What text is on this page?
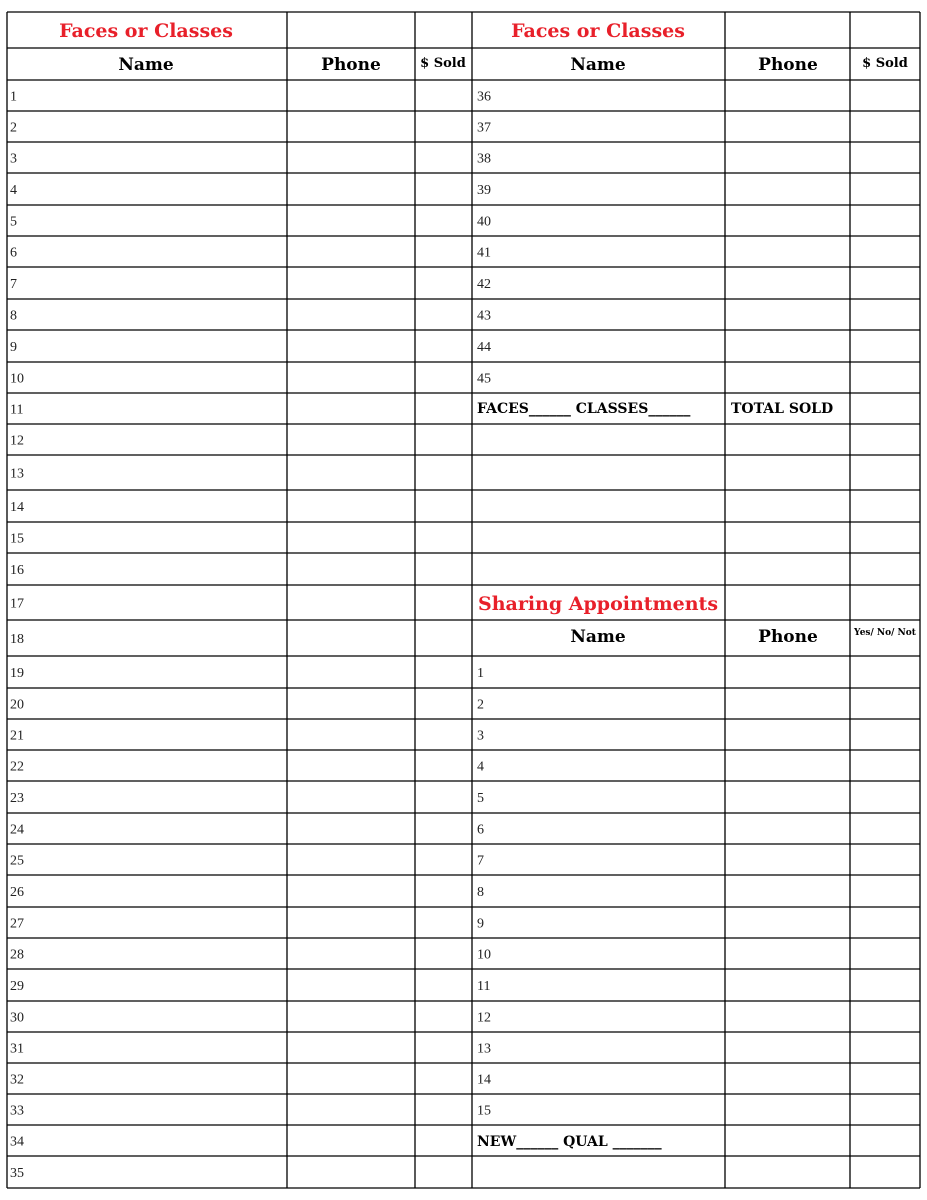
Faces or Classes
Name	Phone	$ Sold
1
2
3
4
5
6
7
8
9
10
11
12
13
14
15
16
17
18
19
20
21
22
23
24
25
26
27
28
29
30
31
32
33
34
35
Faces or Classes
Name	Phone	$ Sold
36
37
38
39
40
41
42
43
44
45
FACES______ CLASSES______	TOTAL SOLD
Sharing Appointments
Name	Phone	Yes/ No/ Not
1
2
3
4
5
6
7
8
9
10
11
12
13
14
15
NEW______ QUAL _______
